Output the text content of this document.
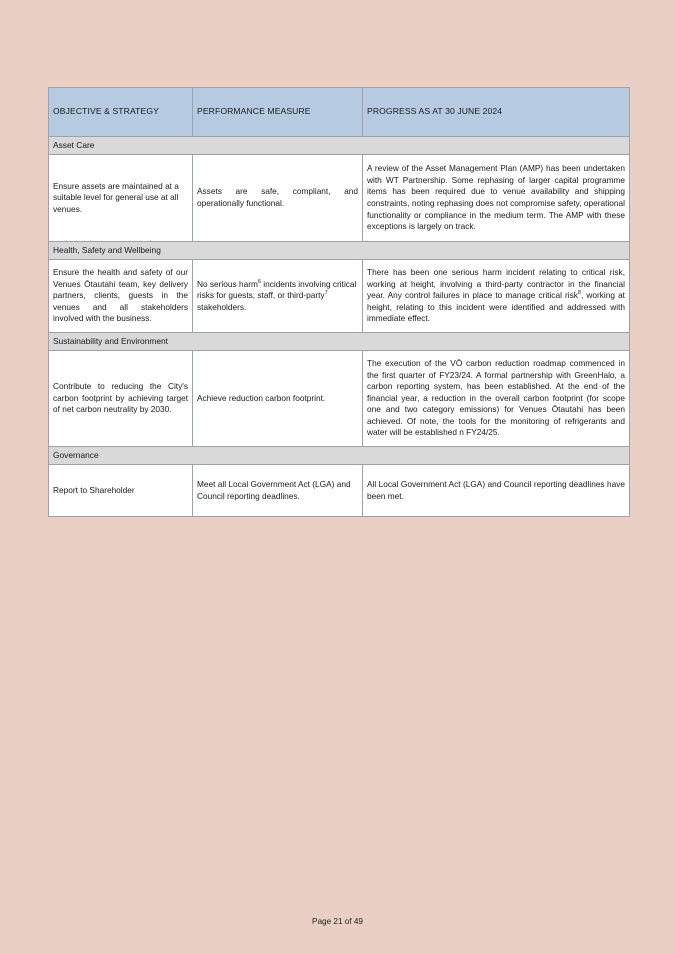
OBJECTIVE & STRATEGY	PERFORMANCE MEASURE	PROGRESS AS AT 30 JUNE 2024
Asset Care		
Ensure assets are maintained at a suitable level for general use at all venues.	Assets are safe, compliant, and operationally functional.	A review of the Asset Management Plan (AMP) has been undertaken with WT Partnership. Some rephasing of larger capital programme items has been required due to venue availability and shipping constraints, noting rephasing does not compromise safety, operational functionality or compliance in the medium term. The AMP with these exceptions is largely on track.
Health, Safety and Wellbeing		
Ensure the health and safety of our Venues Ōtautahi team, key delivery partners, clients, guests in the venues and all stakeholders involved with the business.	No serious harm$^6$ incidents involving critical risks for guests, staff, or third-party$^7$ stakeholders.	There has been one serious harm incident relating to critical risk, working at height, involving a third-party contractor in the financial year. Any control failures in place to manage critical risk$^8$, working at height, relating to this incident were identified and addressed with immediate effect.
Sustainability and Environment		
Contribute to reducing the City's carbon footprint by achieving target of net carbon neutrality by 2030.	Achieve reduction carbon footprint.	The execution of the VŌ carbon reduction roadmap commenced in the first quarter of FY23/24. A formal partnership with GreenHalo, a carbon reporting system, has been established. At the end of the financial year, a reduction in the overall carbon footprint (for scope one and two category emissions) for Venues Ōtautahi has been achieved. Of note, the tools for the monitoring of refrigerants and water will be established n FY24/25.
Governance		
Report to Shareholder	Meet all Local Government Act (LGA) and Council reporting deadlines.	All Local Government Act (LGA) and Council reporting deadlines have been met.
Page 21 of 49
